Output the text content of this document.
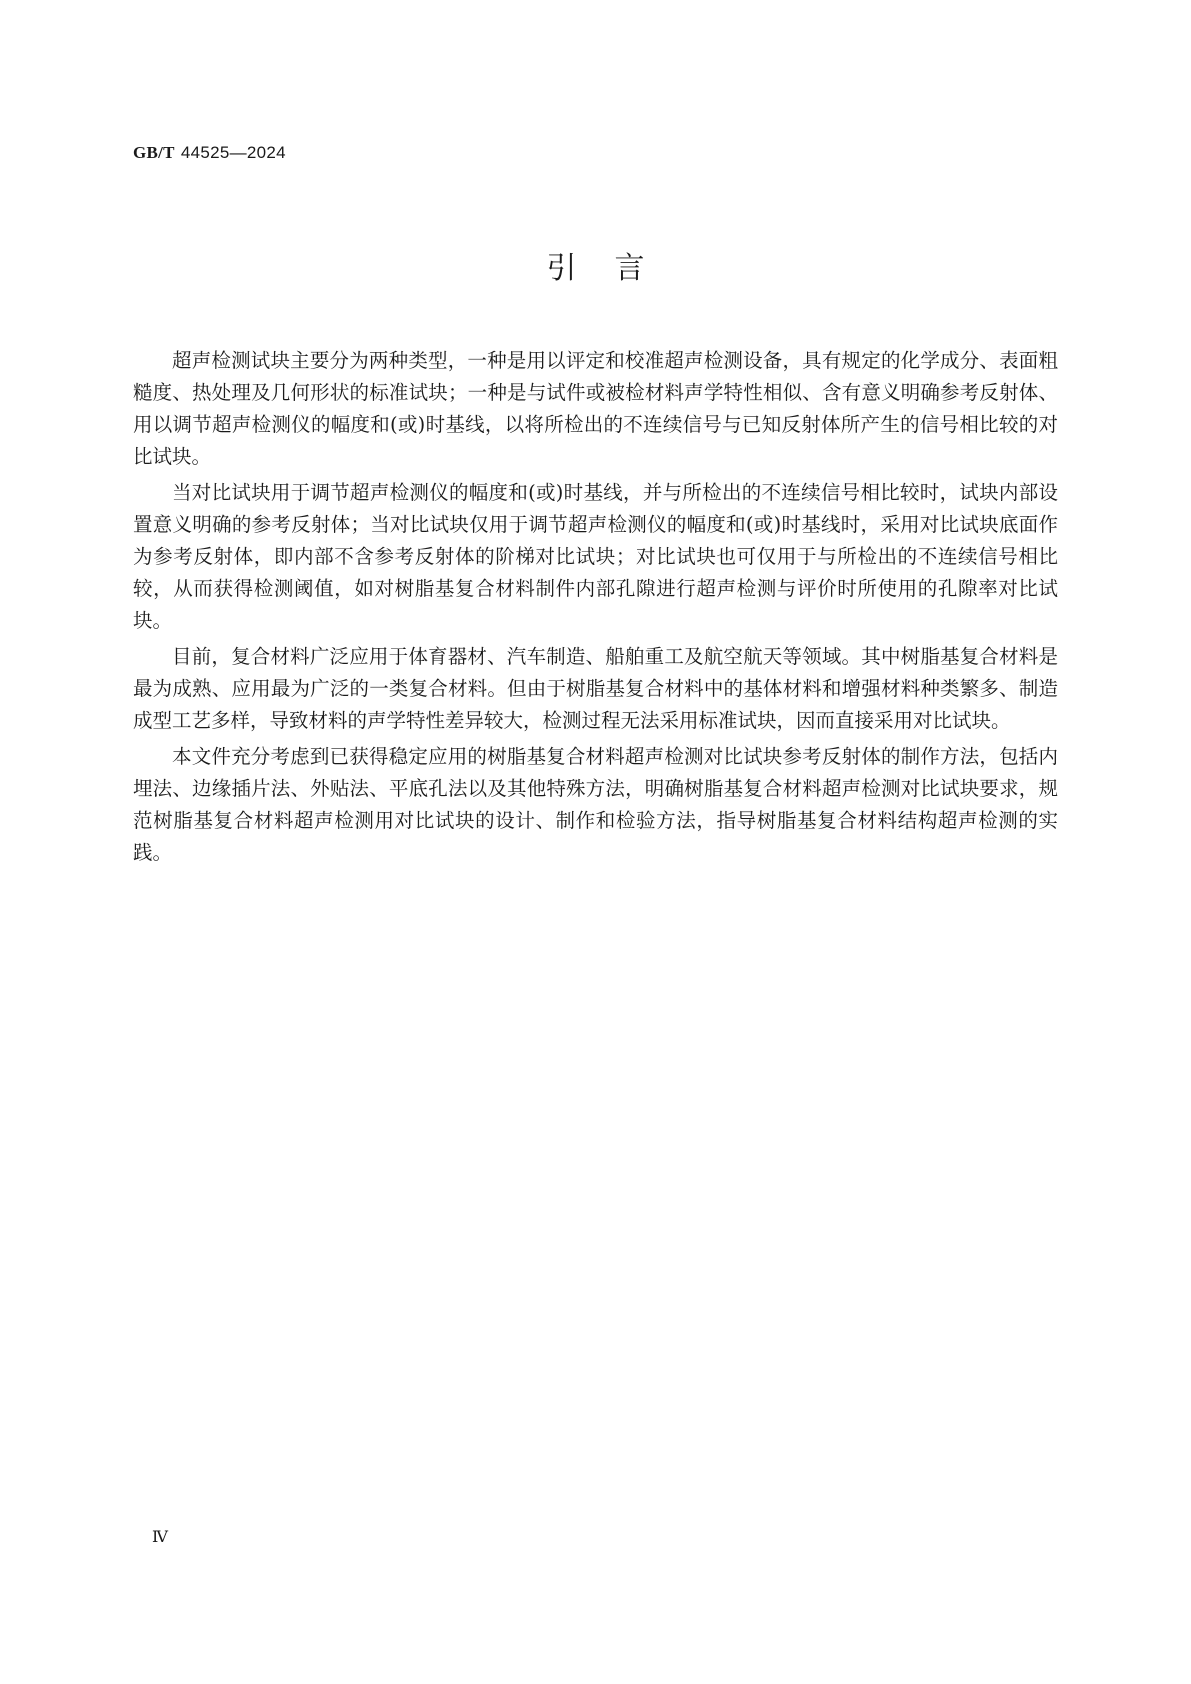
GB/T 44525—2024
引言

超声检测试块主要分为两种类型，一种是用以评定和校准超声检测设备，具有规定的化学成分、表面粗糙度、热处理及几何形状的标准试块；一种是与试件或被检材料声学特性相似、含有意义明确参考反射体、用以调节超声检测仪的幅度和(或)时基线，以将所检出的不连续信号与已知反射体所产生的信号相比较的对比试块。

当对比试块用于调节超声检测仪的幅度和(或)时基线，并与所检出的不连续信号相比较时，试块内部设置意义明确的参考反射体；当对比试块仅用于调节超声检测仪的幅度和(或)时基线时，采用对比试块底面作为参考反射体，即内部不含参考反射体的阶梯对比试块；对比试块也可仅用于与所检出的不连续信号相比较，从而获得检测阈值，如对树脂基复合材料制件内部孔隙进行超声检测与评价时所使用的孔隙率对比试块。

目前，复合材料广泛应用于体育器材、汽车制造、船舶重工及航空航天等领域。其中树脂基复合材料是最为成熟、应用最为广泛的一类复合材料。但由于树脂基复合材料中的基体材料和增强材料种类繁多、制造成型工艺多样，导致材料的声学特性差异较大，检测过程无法采用标准试块，因而直接采用对比试块。

本文件充分考虑到已获得稳定应用的树脂基复合材料超声检测对比试块参考反射体的制作方法，包括内埋法、边缘插片法、外贴法、平底孔法以及其他特殊方法，明确树脂基复合材料超声检测对比试块要求，规范树脂基复合材料超声检测用对比试块的设计、制作和检验方法，指导树脂基复合材料结构超声检测的实践。

Ⅳ
